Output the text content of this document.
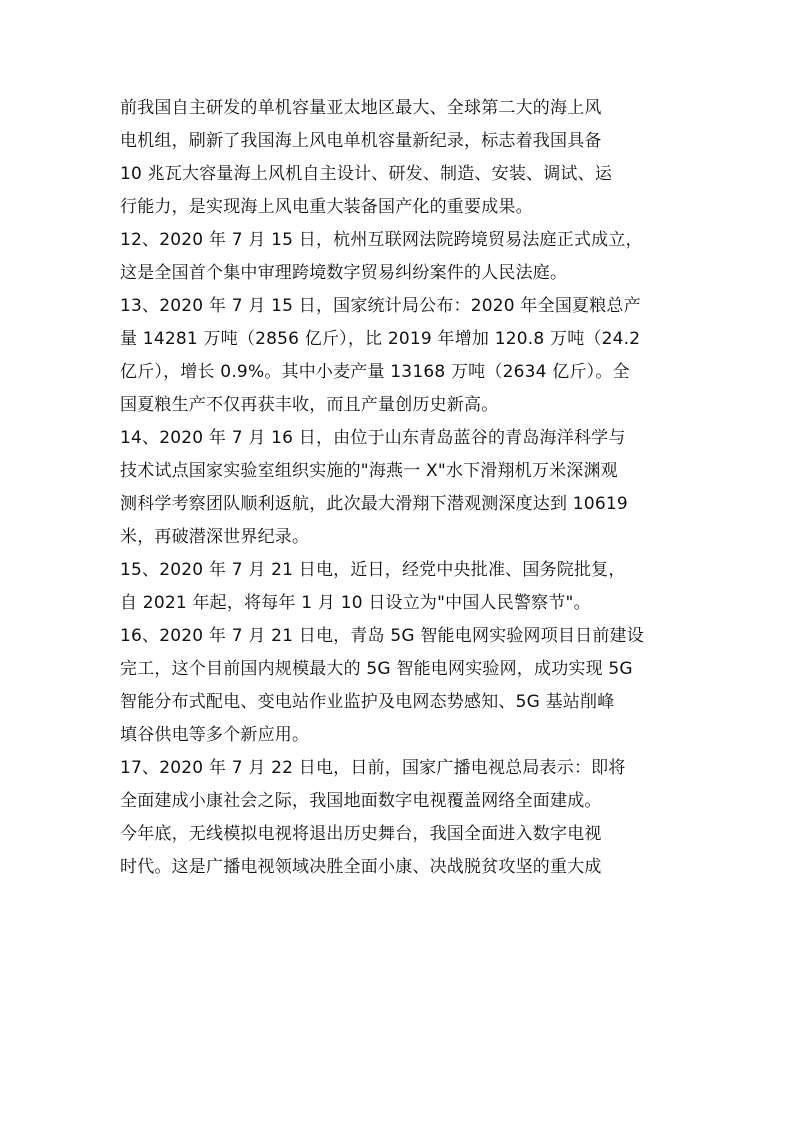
前我国自主研发的单机容量亚太地区最大、全球第二大的海上风
电机组，刷新了我国海上风电单机容量新纪录，标志着我国具备
10 兆瓦大容量海上风机自主设计、研发、制造、安装、调试、运
行能力，是实现海上风电重大装备国产化的重要成果。
12、2020 年 7 月 15 日，杭州互联网法院跨境贸易法庭正式成立，
这是全国首个集中审理跨境数字贸易纠纷案件的人民法庭。
13、2020 年 7 月 15 日，国家统计局公布：2020 年全国夏粮总产
量 14281 万吨（2856 亿斤），比 2019 年增加 120.8 万吨（24.2
亿斤），增长 0.9%。其中小麦产量 13168 万吨（2634 亿斤）。全
国夏粮生产不仅再获丰收，而且产量创历史新高。
14、2020 年 7 月 16 日，由位于山东青岛蓝谷的青岛海洋科学与
技术试点国家实验室组织实施的"海燕一 X"水下滑翔机万米深渊观
测科学考察团队顺利返航，此次最大滑翔下潜观测深度达到 10619
米，再破潜深世界纪录。
15、2020 年 7 月 21 日电，近日，经党中央批准、国务院批复，
自 2021 年起，将每年 1 月 10 日设立为"中国人民警察节"。
16、2020 年 7 月 21 日电，青岛 5G 智能电网实验网项目日前建设
完工，这个目前国内规模最大的 5G 智能电网实验网，成功实现 5G
智能分布式配电、变电站作业监护及电网态势感知、5G 基站削峰
填谷供电等多个新应用。
17、2020 年 7 月 22 日电，日前，国家广播电视总局表示：即将
全面建成小康社会之际，我国地面数字电视覆盖网络全面建成。
今年底，无线模拟电视将退出历史舞台，我国全面进入数字电视
时代。这是广播电视领域决胜全面小康、决战脱贫攻坚的重大成
